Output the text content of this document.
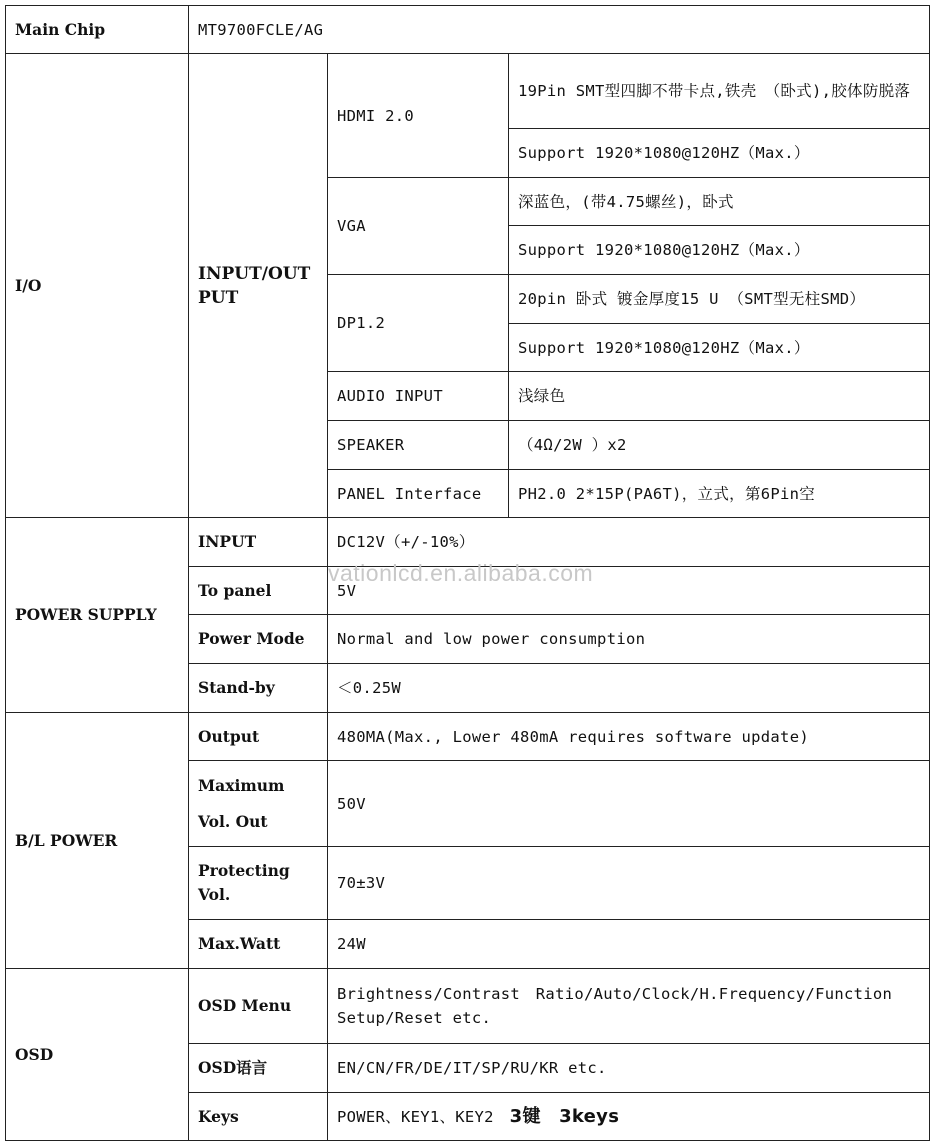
Main Chip	MT9700FCLE/AG		
I/O	INPUT/OUTPUT	HDMI 2.0	19Pin SMT型四脚不带卡点,铁壳　（卧式),胶体防脱落
			Support 1920*1080@120HZ（Max.）
		VGA	深蓝色，(带4.75螺丝)，卧式
			Support 1920*1080@120HZ（Max.）
		DP1.2	20pin 卧式 镀金厚度15 U （SMT型无柱SMD）
			Support 1920*1080@120HZ（Max.）
		AUDIO INPUT	浅绿色
		SPEAKER	（4Ω/2W ）x2
		PANEL Interface	PH2.0 2*15P(PA6T)，立式，第6Pin空
POWER SUPPLY	INPUT	DC12V（+/-10%）	
	To panel	5V	
	Power Mode	Normal and low power consumption	
	Stand-by	＜0.25W	
B/L POWER	Output	480MA(Max., Lower 480mA requires software update)	
	Maximum Vol. Out	50V	
	Protecting Vol.	70±3V	
	Max.Watt	24W	
OSD	OSD Menu	Brightness/Contrast　Ratio/Auto/Clock/H.Frequency/Function Setup/Reset etc.	
	OSD语言	EN/CN/FR/DE/IT/SP/RU/KR etc.	
	Keys	POWER、KEY1、KEY2　 3键　3keys	
vationlcd.en.alibaba.com
